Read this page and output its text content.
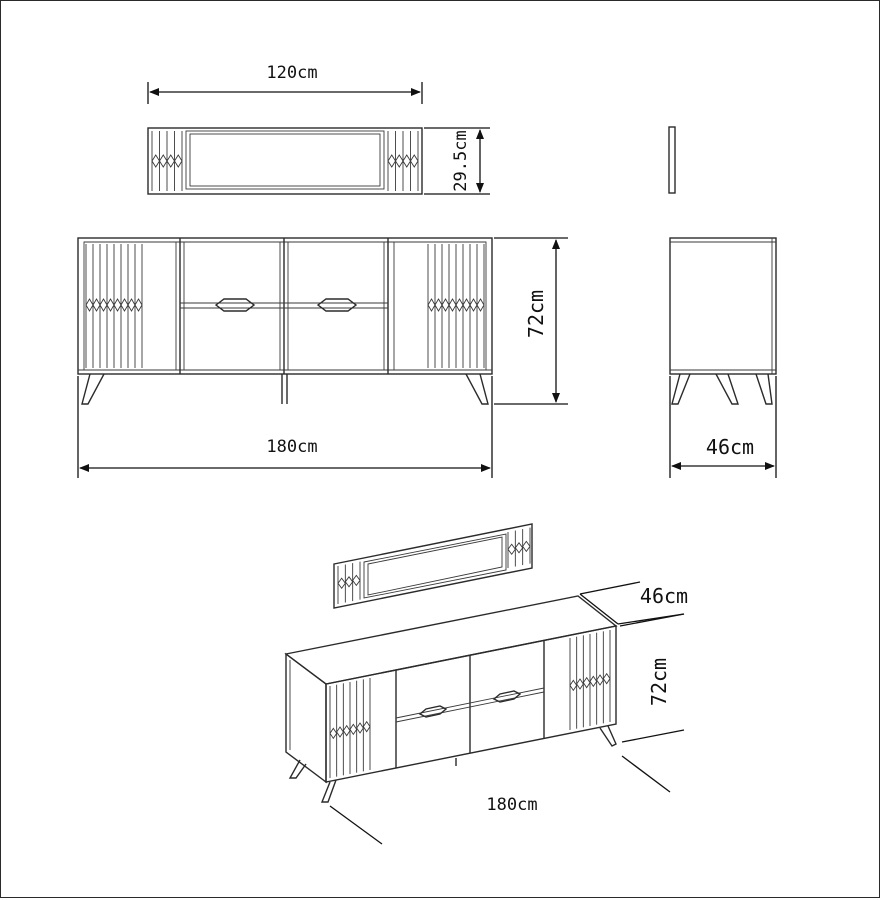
120cm
29.5cm
72cm
180cm	46cm
46cm
72cm
180cm
